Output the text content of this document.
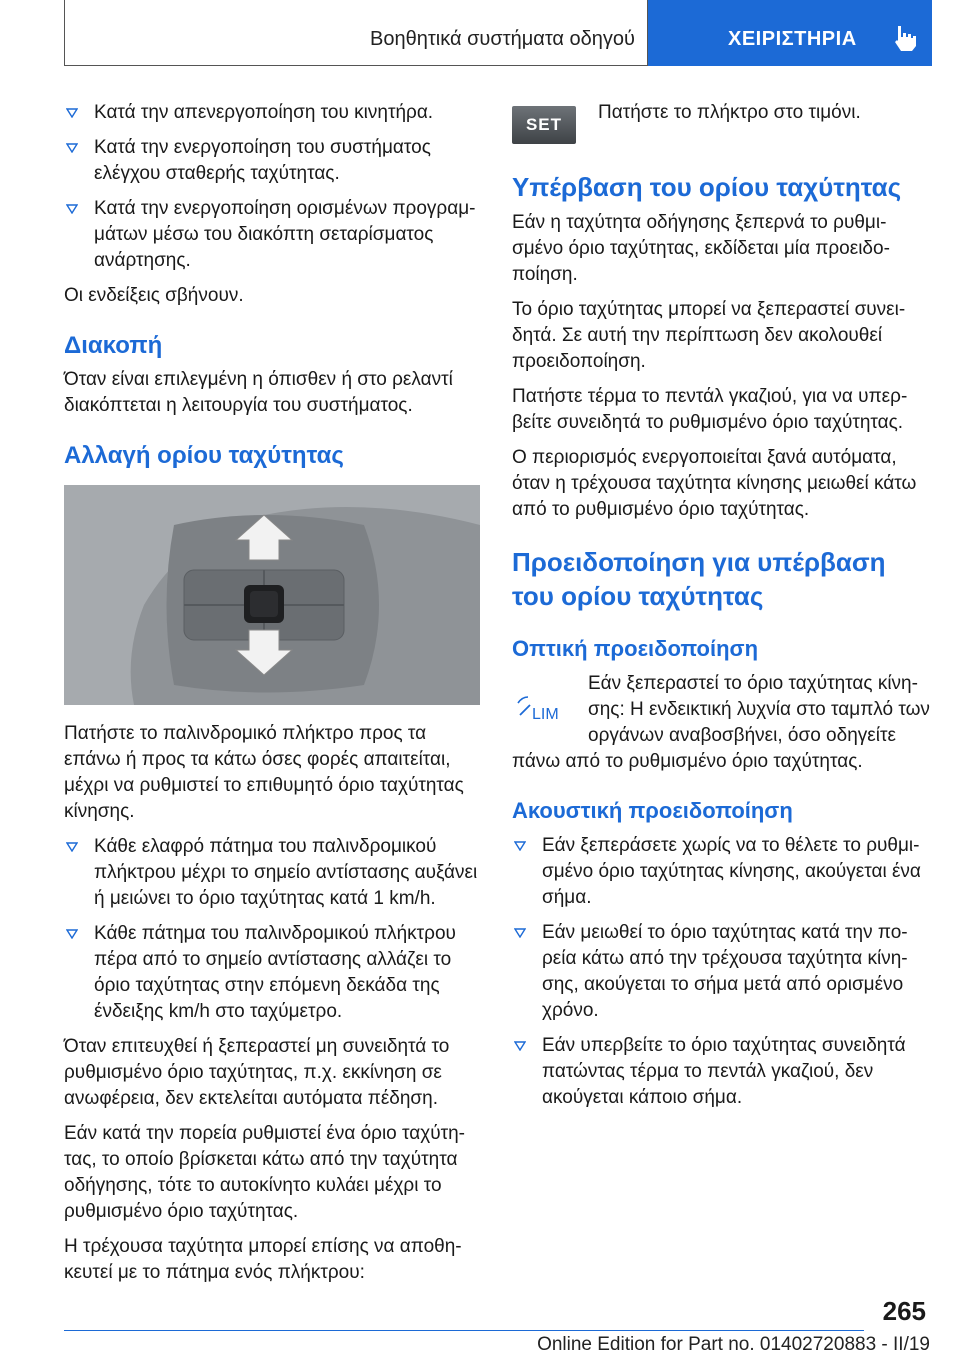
Βοηθητικά συστήματα οδηγού	ΧΕΙΡΙΣΤΗΡΙΑ
Κατά την απενεργοποίηση του κινητήρα.
Κατά την ενεργοποίηση του συστήματος ελέγχου σταθερής ταχύτητας.
Κατά την ενεργοποίηση ορισμένων προγραμ-μάτων μέσω του διακόπτη σεταρίσματος ανάρτησης.

Οι ενδείξεις σβήνουν.

Διακοπή

Όταν είναι επιλεγμένη η όπισθεν ή στο ρελαντί διακόπτεται η λειτουργία του συστήματος.

Αλλαγή ορίου ταχύτητας

Πατήστε το παλινδρομικό πλήκτρο προς τα επάνω ή προς τα κάτω όσες φορές απαιτείται, μέχρι να ρυθμιστεί το επιθυμητό όριο ταχύτητας κίνησης.

Κάθε ελαφρό πάτημα του παλινδρομικού πλήκτρου μέχρι το σημείο αντίστασης αυξάνει ή μειώνει το όριο ταχύτητας κατά 1 km/h.
Κάθε πάτημα του παλινδρομικού πλήκτρου πέρα από το σημείο αντίστασης αλλάζει το όριο ταχύτητας στην επόμενη δεκάδα της ένδειξης km/h στο ταχύμετρο.

Όταν επιτευχθεί ή ξεπεραστεί μη συνειδητά το ρυθμισμένο όριο ταχύτητας, π.χ. εκκίνηση σε ανωφέρεια, δεν εκτελείται αυτόματα πέδηση.

Εάν κατά την πορεία ρυθμιστεί ένα όριο ταχύτη-τας, το οποίο βρίσκεται κάτω από την ταχύτητα οδήγησης, τότε το αυτοκίνητο κυλάει μέχρι το ρυθμισμένο όριο ταχύτητας.

Η τρέχουσα ταχύτητα μπορεί επίσης να αποθη-κευτεί με το πάτημα ενός πλήκτρου:

SET

Πατήστε το πλήκτρο στο τιμόνι.

Υπέρβαση του ορίου ταχύτητας

Εάν η ταχύτητα οδήγησης ξεπερνά το ρυθμι-σμένο όριο ταχύτητας, εκδίδεται μία προειδο-ποίηση.

Το όριο ταχύτητας μπορεί να ξεπεραστεί συνει-δητά. Σε αυτή την περίπτωση δεν ακολουθεί προειδοποίηση.

Πατήστε τέρμα το πεντάλ γκαζιού, για να υπερ-βείτε συνειδητά το ρυθμισμένο όριο ταχύτητας.

Ο περιορισμός ενεργοποιείται ξανά αυτόματα, όταν η τρέχουσα ταχύτητα κίνησης μειωθεί κάτω από το ρυθμισμένο όριο ταχύτητας.

Προειδοποίηση για υπέρβαση του ορίου ταχύτητας
Οπτική προειδοποίηση
LIM

Εάν ξεπεραστεί το όριο ταχύτητας κίνη-σης: Η ενδεικτική λυχνία στο ταμπλό των οργάνων αναβοσβήνει, όσο οδηγείτε

πάνω από το ρυθμισμένο όριο ταχύτητας.

Ακουστική προειδοποίηση
Εάν ξεπεράσετε χωρίς να το θέλετε το ρυθμι-σμένο όριο ταχύτητας κίνησης, ακούγεται ένα σήμα.
Εάν μειωθεί το όριο ταχύτητας κατά την πο-ρεία κάτω από την τρέχουσα ταχύτητα κίνη-σης, ακούγεται το σήμα μετά από ορισμένο χρόνο.
Εάν υπερβείτε το όριο ταχύτητας συνειδητά πατώντας τέρμα το πεντάλ γκαζιού, δεν ακούγεται κάποιο σήμα.
265
Online Edition for Part no. 01402720883 - II/19
